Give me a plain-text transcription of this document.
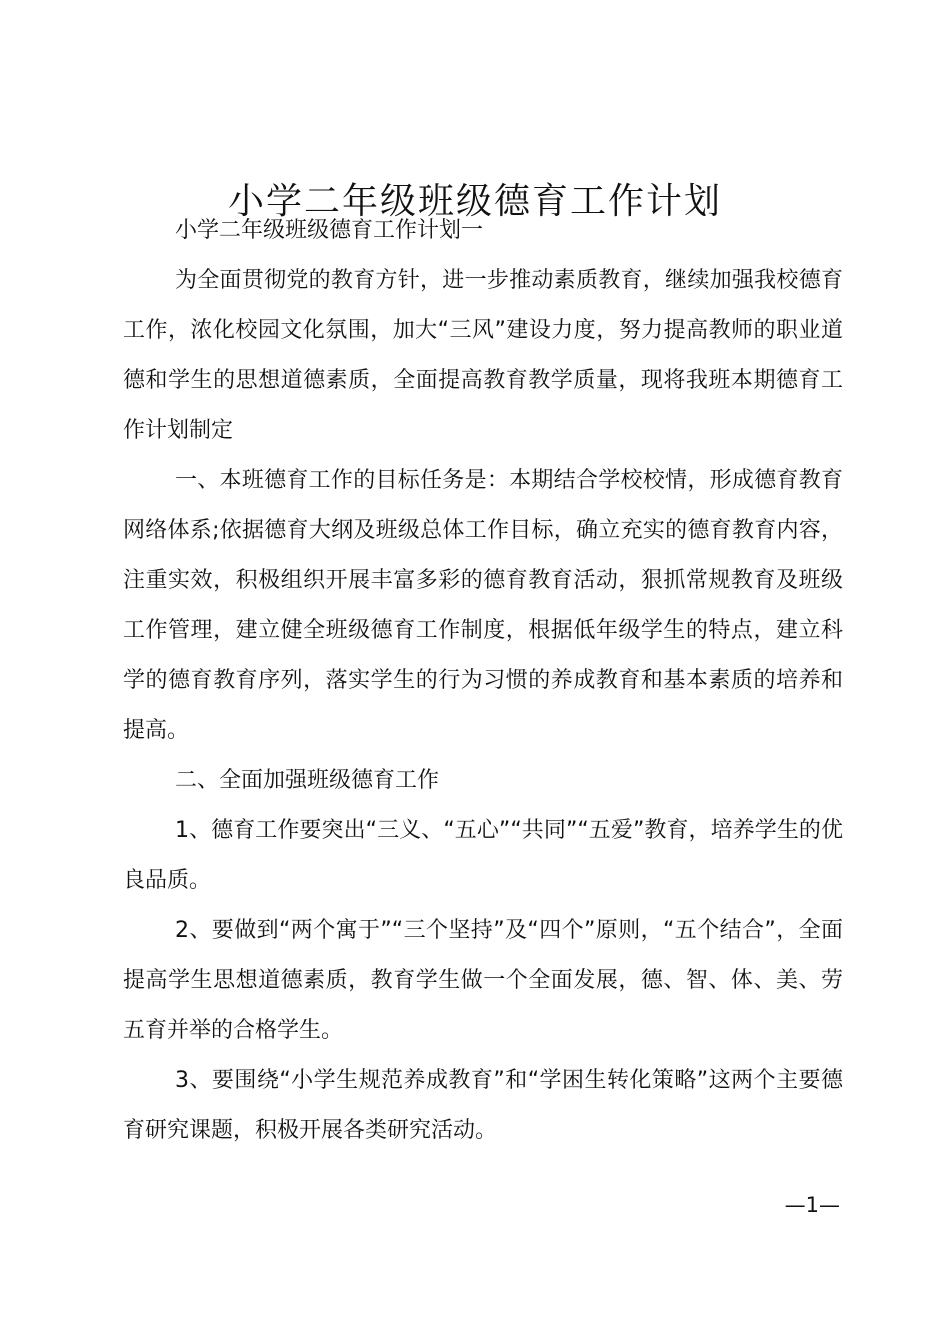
小学二年级班级德育工作计划

小学二年级班级德育工作计划一

为全面贯彻党的教育方针，进一步推动素质教育，继续加强我校德育工作，浓化校园文化氛围，加大“三风”建设力度，努力提高教师的职业道德和学生的思想道德素质，全面提高教育教学质量，现将我班本期德育工作计划制定

一、本班德育工作的目标任务是：本期结合学校校情，形成德育教育网络体系;依据德育大纲及班级总体工作目标，确立充实的德育教育内容，注重实效，积极组织开展丰富多彩的德育教育活动，狠抓常规教育及班级工作管理，建立健全班级德育工作制度，根据低年级学生的特点，建立科学的德育教育序列，落实学生的行为习惯的养成教育和基本素质的培养和提高。

二、全面加强班级德育工作

1、德育工作要突出“三义、“五心”“共同”“五爱”教育，培养学生的优良品质。

2、要做到“两个寓于”“三个坚持”及“四个”原则，“五个结合”，全面提高学生思想道德素质，教育学生做一个全面发展，德、智、体、美、劳五育并举的合格学生。

3、要围绕“小学生规范养成教育”和“学困生转化策略”这两个主要德育研究课题，积极开展各类研究活动。

—1—
